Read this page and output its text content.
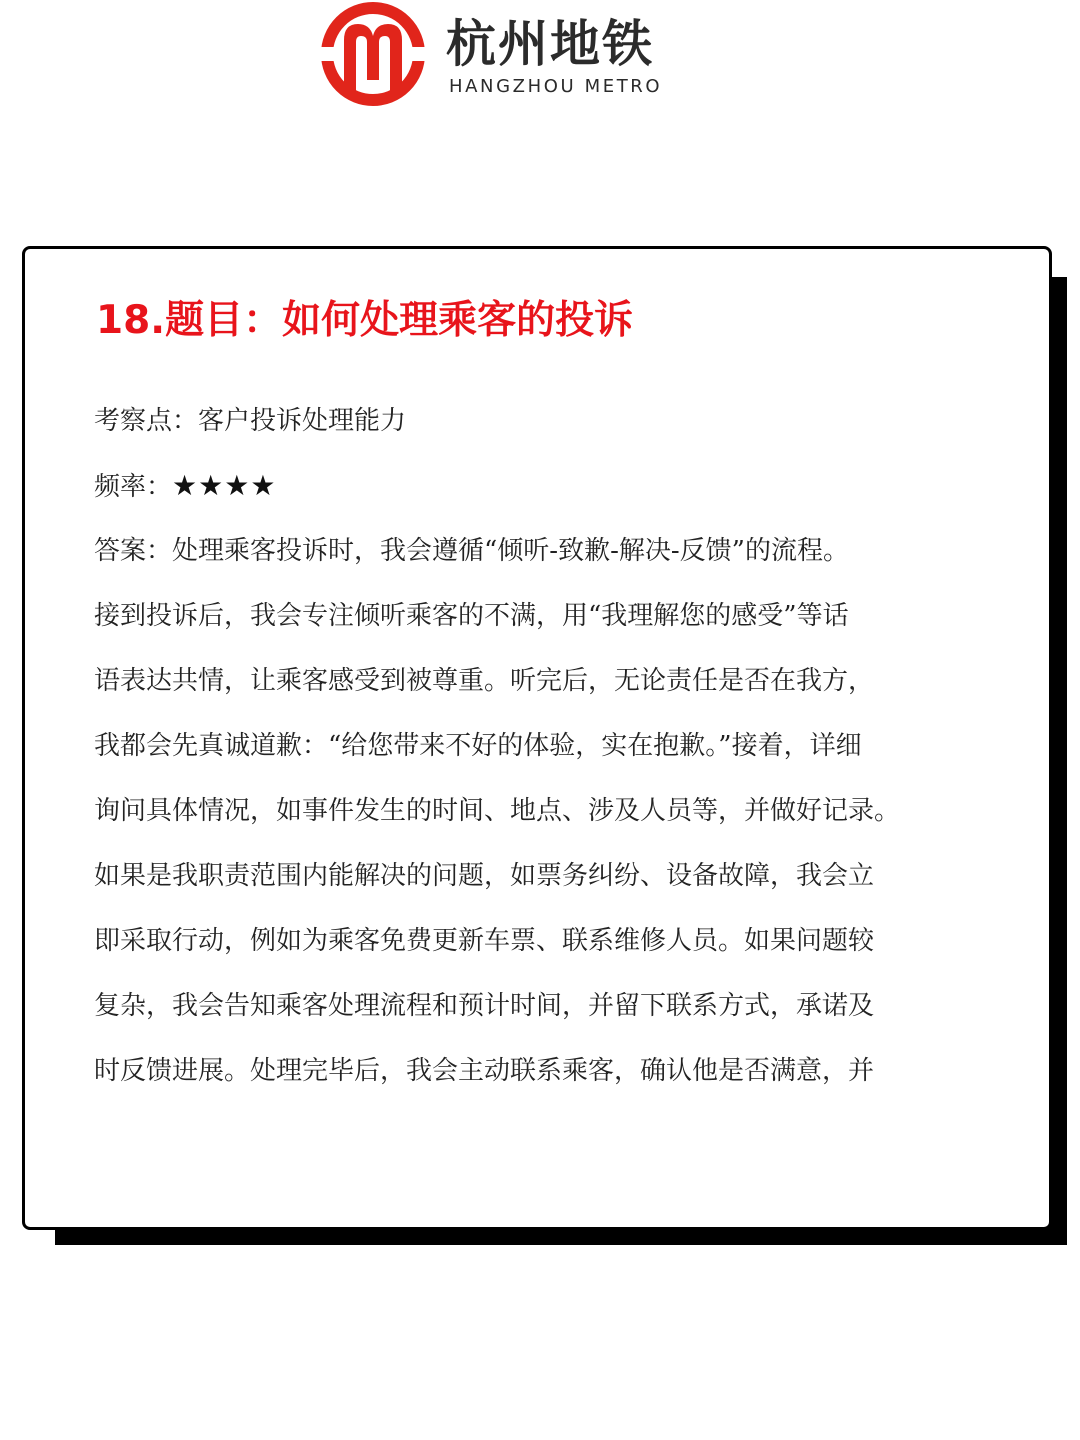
杭州地铁
HANGZHOU METRO
18.题目：如何处理乘客的投诉
考察点：客户投诉处理能力
频率：★★★★
答案：处理乘客投诉时，我会遵循“倾听-致歉-解决-反馈”的流程。
接到投诉后，我会专注倾听乘客的不满，用“我理解您的感受”等话
语表达共情，让乘客感受到被尊重。听完后，无论责任是否在我方，
我都会先真诚道歉：“给您带来不好的体验，实在抱歉。”接着，详细
询问具体情况，如事件发生的时间、地点、涉及人员等，并做好记录。
如果是我职责范围内能解决的问题，如票务纠纷、设备故障，我会立
即采取行动，例如为乘客免费更新车票、联系维修人员。如果问题较
复杂，我会告知乘客处理流程和预计时间，并留下联系方式，承诺及
时反馈进展。处理完毕后，我会主动联系乘客，确认他是否满意，并
